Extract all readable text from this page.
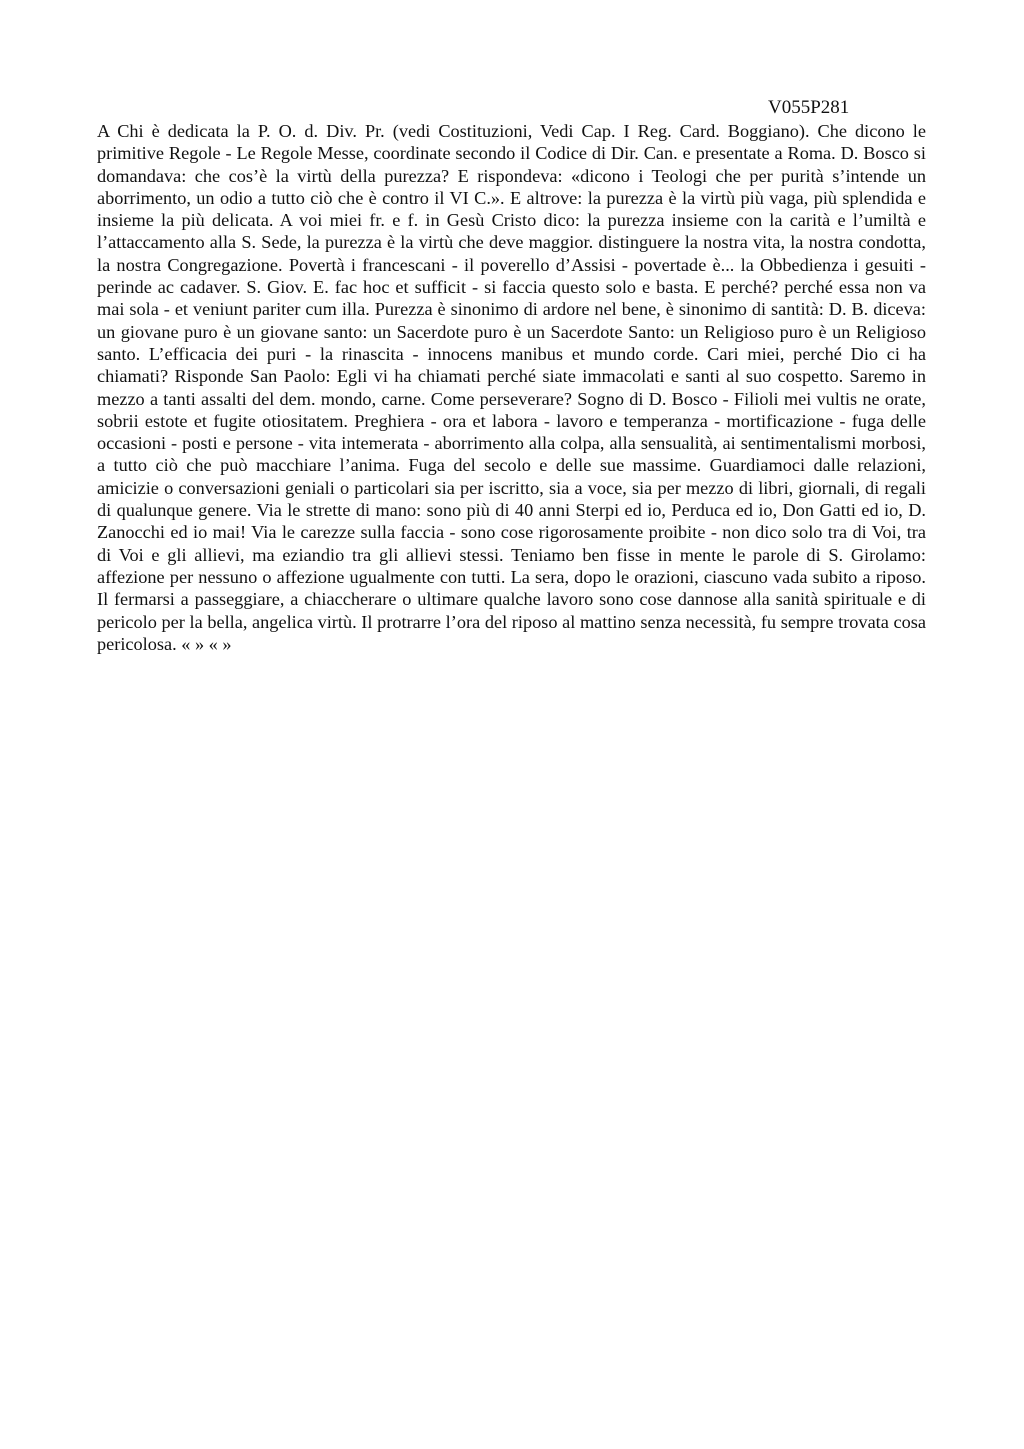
V055P281

A Chi è dedicata la P. O. d. Div. Pr. (vedi Costituzioni, Vedi Cap. I Reg. Card. Boggiano). Che dicono le primitive Regole - Le Regole Messe, coordinate secondo il Codice di Dir. Can. e presentate a Roma. D. Bosco si domandava: che cos’è la virtù della purezza? E rispondeva: «dicono i Teologi che per purità s’intende un aborrimento, un odio a tutto ciò che è contro il VI C.». E altrove: la purezza è la virtù più vaga, più splendida e insieme la più delicata. A voi miei fr. e f. in Gesù Cristo dico: la purezza insieme con la carità e l’umiltà e l’attaccamento alla S. Sede, la purezza è la virtù che deve maggior. distinguere la nostra vita, la nostra condotta, la nostra Congregazione. Povertà i francescani - il poverello d’Assisi - povertade è... la Obbedienza i gesuiti - perinde ac cadaver. S. Giov. E. fac hoc et sufficit - si faccia questo solo e basta. E perché? perché essa non va mai sola - et veniunt pariter cum illa. Purezza è sinonimo di ardore nel bene, è sinonimo di santità: D. B. diceva: un giovane puro è un giovane santo: un Sacerdote puro è un Sacerdote Santo: un Religioso puro è un Religioso santo. L’efficacia dei puri - la rinascita - innocens manibus et mundo corde. Cari miei, perché Dio ci ha chiamati? Risponde San Paolo: Egli vi ha chiamati perché siate immacolati e santi al suo cospetto. Saremo in mezzo a tanti assalti del dem. mondo, carne. Come perseverare? Sogno di D. Bosco - Filioli mei vultis ne orate, sobrii estote et fugite otiositatem. Preghiera - ora et labora - lavoro e temperanza - mortificazione - fuga delle occasioni - posti e persone - vita intemerata - aborrimento alla colpa, alla sensualità, ai sentimentalismi morbosi, a tutto ciò che può macchiare l’anima. Fuga del secolo e delle sue massime. Guardiamoci dalle relazioni, amicizie o conversazioni geniali o particolari sia per iscritto, sia a voce, sia per mezzo di libri, giornali, di regali di qualunque genere. Via le strette di mano: sono più di 40 anni Sterpi ed io, Perduca ed io, Don Gatti ed io, D. Zanocchi ed io mai! Via le carezze sulla faccia - sono cose rigorosamente proibite - non dico solo tra di Voi, tra di Voi e gli allievi, ma eziandio tra gli allievi stessi. Teniamo ben fisse in mente le parole di S. Girolamo: affezione per nessuno o affezione ugualmente con tutti. La sera, dopo le orazioni, ciascuno vada subito a riposo. Il fermarsi a passeggiare, a chiaccherare o ultimare qualche lavoro sono cose dannose alla sanità spirituale e di pericolo per la bella, angelica virtù. Il protrarre l’ora del riposo al mattino senza necessità, fu sempre trovata cosa pericolosa. « » « »
